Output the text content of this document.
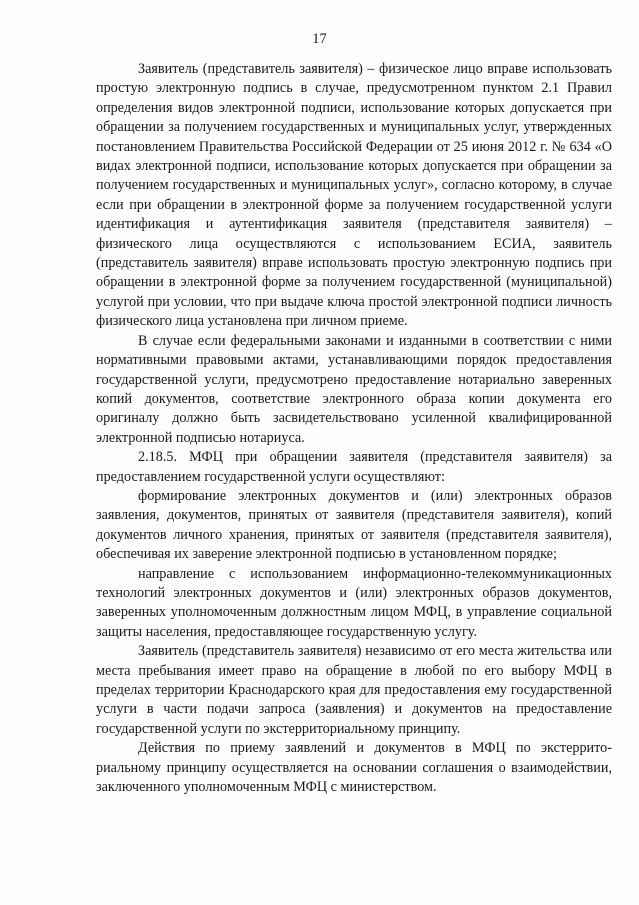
17

Заявитель (представитель заявителя) – физическое лицо вправе использовать простую электронную подпись в случае, предусмотренном пунктом 2.1 Правил определения видов электронной подписи, использование которых допускается при обращении за получением государственных и муниципальных услуг, утвержденных постановлением Правительства Российской Федерации от 25 июня 2012 г. № 634 «О видах электронной подписи, использование которых допускается при обращении за получением государственных и муниципальных услуг», согласно которому, в случае если при обращении в электронной форме за получением государственной услуги идентификация и аутентификация заявителя (представителя заявителя) – физического лица осуществляются с использованием ЕСИА, заявитель (представитель заявителя) вправе использовать простую электронную подпись при обращении в электронной форме за получением государственной (муниципальной) услугой при условии, что при выдаче ключа простой электронной подписи личность физического лица установлена при личном приеме.

В случае если федеральными законами и изданными в соответствии с ними нормативными правовыми актами, устанавливающими порядок предоставления государственной услуги, предусмотрено предоставление нотариально заверенных копий документов, соответствие электронного образа копии документа его оригиналу должно быть засвидетельствовано усиленной квалифицированной электронной подписью нотариуса.

2.18.5. МФЦ при обращении заявителя (представителя заявителя) за предоставлением государственной услуги осуществляют:

формирование электронных документов и (или) электронных образов заявления, документов, принятых от заявителя (представителя заявителя), копий документов личного хранения, принятых от заявителя (представителя заявителя), обеспечивая их заверение электронной подписью в установленном порядке;

направление с использованием информационно-телекоммуникационных технологий электронных документов и (или) электронных образов документов, заверенных уполномоченным должностным лицом МФЦ, в управление социальной защиты населения, предоставляющее государственную услугу.

Заявитель (представитель заявителя) независимо от его места жительства или места пребывания имеет право на обращение в любой по его выбору МФЦ в пределах территории Краснодарского края для предоставления ему государственной услуги в части подачи запроса (заявления) и документов на предоставление государственной услуги по экстерриториальному принципу.

Действия по приему заявлений и документов в МФЦ по экстерриториальному принципу осуществляется на основании соглашения о взаимодействии, заключенного уполномоченным МФЦ с министерством.
